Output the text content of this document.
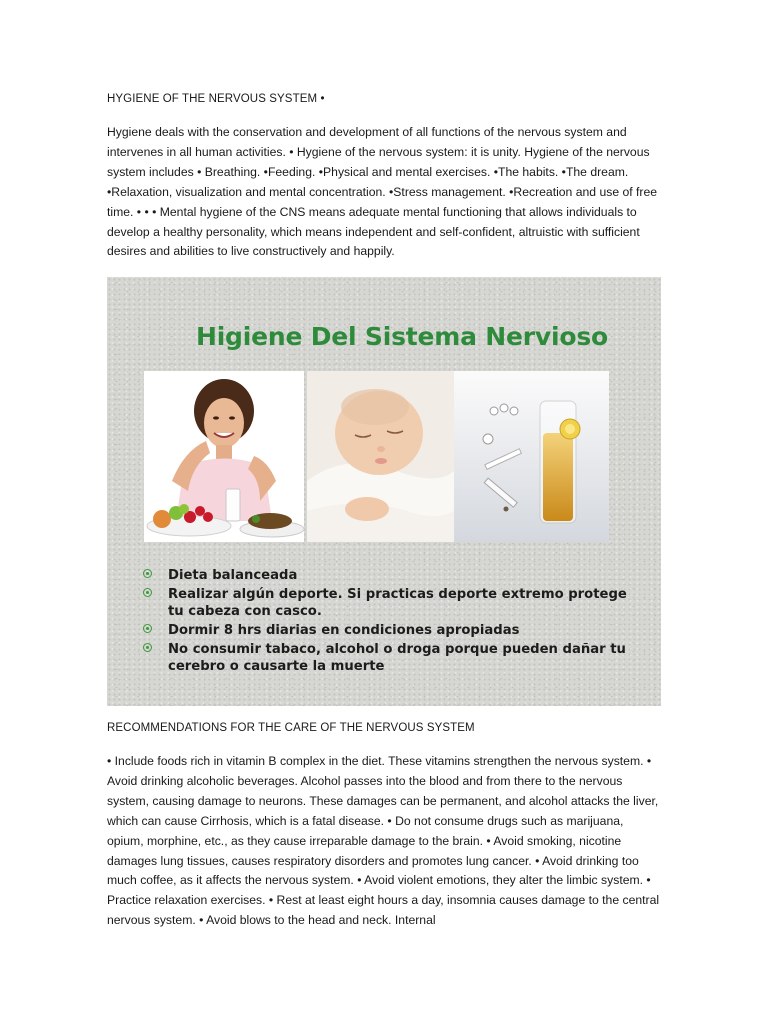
HYGIENE OF THE NERVOUS SYSTEM •
Hygiene deals with the conservation and development of all functions of the nervous system and intervenes in all human activities. • Hygiene of the nervous system: it is unity. Hygiene of the nervous system includes • Breathing. •Feeding. •Physical and mental exercises. •The habits. •The dream. •Relaxation, visualization and mental concentration. •Stress management. •Recreation and use of free time. • • • Mental hygiene of the CNS means adequate mental functioning that allows individuals to develop a healthy personality, which means independent and self-confident, altruistic with sufficient desires and abilities to live constructively and happily.
Higiene Del Sistema Nervioso
Dieta balanceada
Realizar algún deporte. Si practicas deporte extremo protege tu cabeza con casco.
Dormir 8 hrs diarias en condiciones apropiadas
No consumir tabaco, alcohol o droga porque pueden dañar tu cerebro o causarte la muerte
RECOMMENDATIONS FOR THE CARE OF THE NERVOUS SYSTEM
• Include foods rich in vitamin B complex in the diet. These vitamins strengthen the nervous system. • Avoid drinking alcoholic beverages. Alcohol passes into the blood and from there to the nervous system, causing damage to neurons. These damages can be permanent, and alcohol attacks the liver, which can cause Cirrhosis, which is a fatal disease. • Do not consume drugs such as marijuana, opium, morphine, etc., as they cause irreparable damage to the brain. • Avoid smoking, nicotine damages lung tissues, causes respiratory disorders and promotes lung cancer. • Avoid drinking too much coffee, as it affects the nervous system. • Avoid violent emotions, they alter the limbic system. • Practice relaxation exercises. • Rest at least eight hours a day, insomnia causes damage to the central nervous system. • Avoid blows to the head and neck. Internal
